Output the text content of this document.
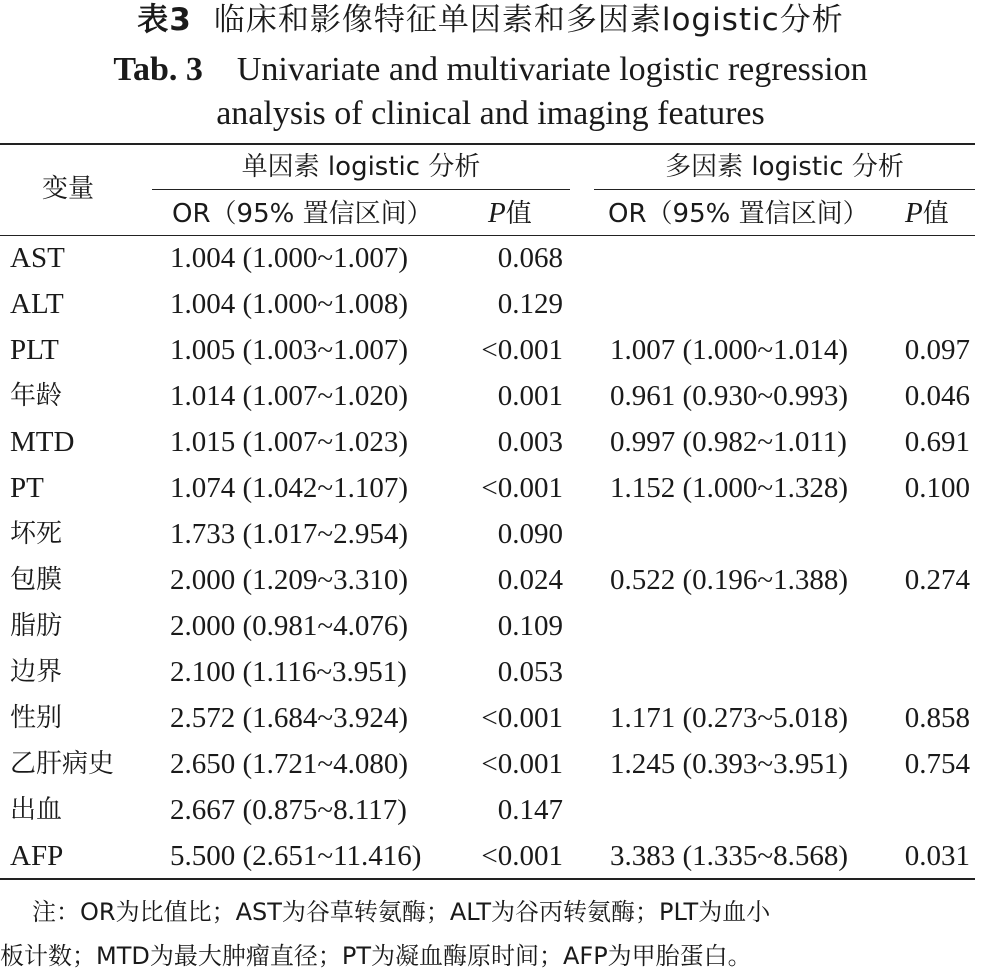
表3 临床和影像特征单因素和多因素logistic分析
Tab. 3 Univariate and multivariate logistic regression
analysis of clinical and imaging features
变量
单因素 logistic 分析	多因素 logistic 分析
OR（95% 置信区间） P值	OR（95% 置信区间） P值
AST	1.004 (1.000~1.007)	0.068
ALT	1.004 (1.000~1.008)	0.129
PLT	1.005 (1.003~1.007)	<0.001 1.007 (1.000~1.014)	0.097
年龄	1.014 (1.007~1.020)	0.001 0.961 (0.930~0.993)	0.046
MTD	1.015 (1.007~1.023)	0.003 0.997 (0.982~1.011)	0.691
PT	1.074 (1.042~1.107)	<0.001 1.152 (1.000~1.328)	0.100
坏死	1.733 (1.017~2.954)	0.090
包膜	2.000 (1.209~3.310)	0.024 0.522 (0.196~1.388)	0.274
脂肪	2.000 (0.981~4.076)	0.109
边界	2.100 (1.116~3.951)	0.053
性别	2.572 (1.684~3.924)	<0.001 1.171 (0.273~5.018)	0.858
乙肝病史 2.650 (1.721~4.080)	<0.001 1.245 (0.393~3.951)	0.754
出血	2.667 (0.875~8.117)	0.147
AFP	5.500 (2.651~11.416)	<0.001 3.383 (1.335~8.568)	0.031
注：OR为比值比；AST为谷草转氨酶；ALT为谷丙转氨酶；PLT为血小
板计数；MTD为最大肿瘤直径；PT为凝血酶原时间；AFP为甲胎蛋白。
